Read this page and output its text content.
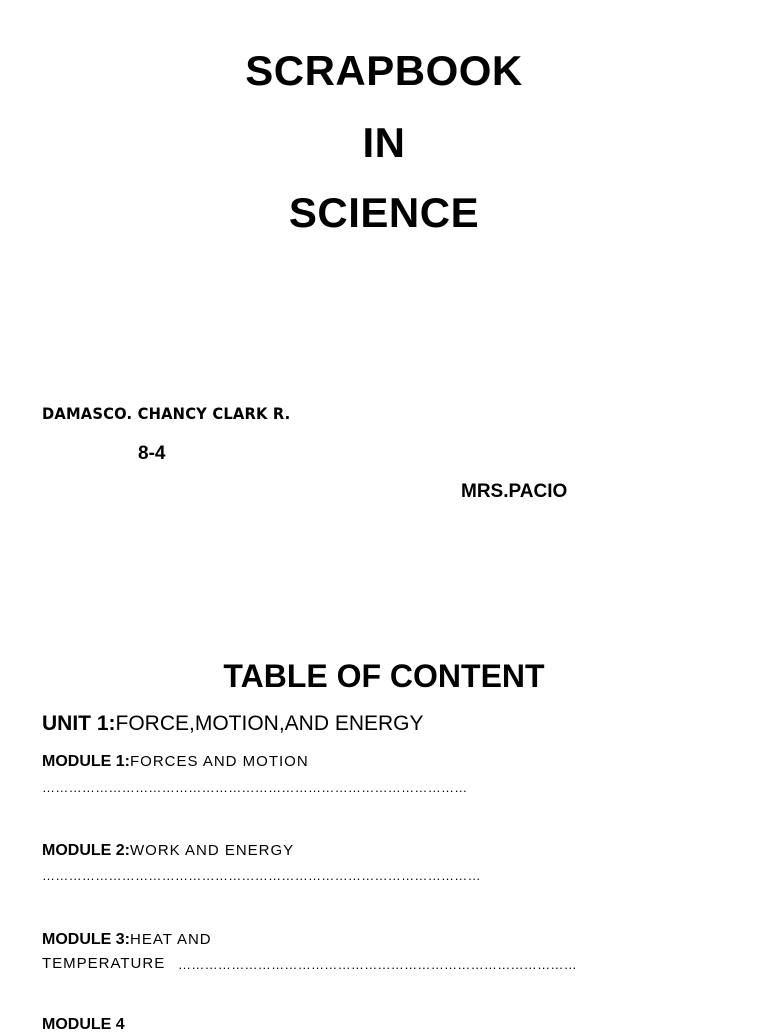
SCRAPBOOK
IN
SCIENCE
DAMASCO. CHANCY CLARK R.
8-4
MRS.PACIO
TABLE OF CONTENT
UNIT 1:FORCE,MOTION,AND ENERGY
MODULE 1:FORCES AND MOTION
……………………………………………………………………………………
MODULE 2:WORK AND ENERGY
………………………………………………………………………………………
MODULE 3:HEAT AND
TEMPERATURE ………………………………………………………………………………
MODULE 4
